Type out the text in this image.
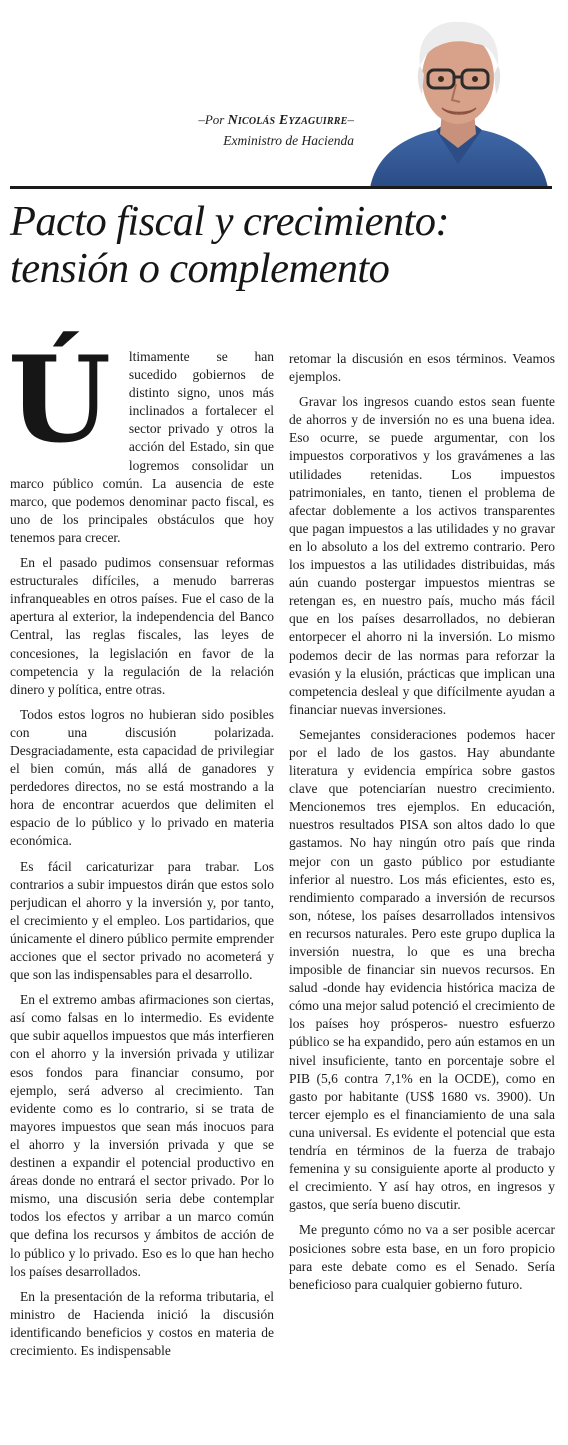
–Por Nicolás Eyzaguirre–
Exministro de Hacienda
Pacto fiscal y crecimiento:
tensión o complemento

Ú ltimamente se han sucedido gobiernos de distinto signo, unos más inclinados a fortalecer el sector privado y otros la acción del Estado, sin que logremos consolidar un marco público común. La ausencia de este marco, que podemos denominar pacto fiscal, es uno de los principales obstáculos que hoy tenemos para crecer.

En el pasado pudimos consensuar reformas estructurales difíciles, a menudo barreras infranqueables en otros países. Fue el caso de la apertura al exterior, la independencia del Banco Central, las reglas fiscales, las leyes de concesiones, la legislación en favor de la competencia y la regulación de la relación dinero y política, entre otras.

Todos estos logros no hubieran sido posibles con una discusión polarizada. Desgraciadamente, esta capacidad de privilegiar el bien común, más allá de ganadores y perdedores directos, no se está mostrando a la hora de encontrar acuerdos que delimiten el espacio de lo público y lo privado en materia económica.

Es fácil caricaturizar para trabar. Los contrarios a subir impuestos dirán que estos solo perjudican el ahorro y la inversión y, por tanto, el crecimiento y el empleo. Los partidarios, que únicamente el dinero público permite emprender acciones que el sector privado no acometerá y que son las indispensables para el desarrollo.

En el extremo ambas afirmaciones son ciertas, así como falsas en lo intermedio. Es evidente que subir aquellos impuestos que más interfieren con el ahorro y la inversión privada y utilizar esos fondos para financiar consumo, por ejemplo, será adverso al crecimiento. Tan evidente como es lo contrario, si se trata de mayores impuestos que sean más inocuos para el ahorro y la inversión privada y que se destinen a expandir el potencial productivo en áreas donde no entrará el sector privado. Por lo mismo, una discusión seria debe contemplar todos los efectos y arribar a un marco común que defina los recursos y ámbitos de acción de lo público y lo privado. Eso es lo que han hecho los países desarrollados.

En la presentación de la reforma tributaria, el ministro de Hacienda inició la discusión identificando beneficios y costos en materia de crecimiento. Es indispensable

retomar la discusión en esos términos. Veamos ejemplos.

Gravar los ingresos cuando estos sean fuente de ahorros y de inversión no es una buena idea. Eso ocurre, se puede argumentar, con los impuestos corporativos y los gravámenes a las utilidades retenidas. Los impuestos patrimoniales, en tanto, tienen el problema de afectar doblemente a los activos transparentes que pagan impuestos a las utilidades y no gravar en lo absoluto a los del extremo contrario. Pero los impuestos a las utilidades distribuidas, más aún cuando postergar impuestos mientras se retengan es, en nuestro país, mucho más fácil que en los países desarrollados, no debieran entorpecer el ahorro ni la inversión. Lo mismo podemos decir de las normas para reforzar la evasión y la elusión, prácticas que implican una competencia desleal y que difícilmente ayudan a financiar nuevas inversiones.

Semejantes consideraciones podemos hacer por el lado de los gastos. Hay abundante literatura y evidencia empírica sobre gastos clave que potenciarían nuestro crecimiento. Mencionemos tres ejemplos. En educación, nuestros resultados PISA son altos dado lo que gastamos. No hay ningún otro país que rinda mejor con un gasto público por estudiante inferior al nuestro. Los más eficientes, esto es, rendimiento comparado a inversión de recursos son, nótese, los países desarrollados intensivos en recursos naturales. Pero este grupo duplica la inversión nuestra, lo que es una brecha imposible de financiar sin nuevos recursos. En salud -donde hay evidencia histórica maciza de cómo una mejor salud potenció el crecimiento de los países hoy prósperos- nuestro esfuerzo público se ha expandido, pero aún estamos en un nivel insuficiente, tanto en porcentaje sobre el PIB (5,6 contra 7,1% en la OCDE), como en gasto por habitante (US$ 1680 vs. 3900). Un tercer ejemplo es el financiamiento de una sala cuna universal. Es evidente el potencial que esta tendría en términos de la fuerza de trabajo femenina y su consiguiente aporte al producto y el crecimiento. Y así hay otros, en ingresos y gastos, que sería bueno discutir.

Me pregunto cómo no va a ser posible acercar posiciones sobre esta base, en un foro propicio para este debate como es el Senado. Sería beneficioso para cualquier gobierno futuro.
